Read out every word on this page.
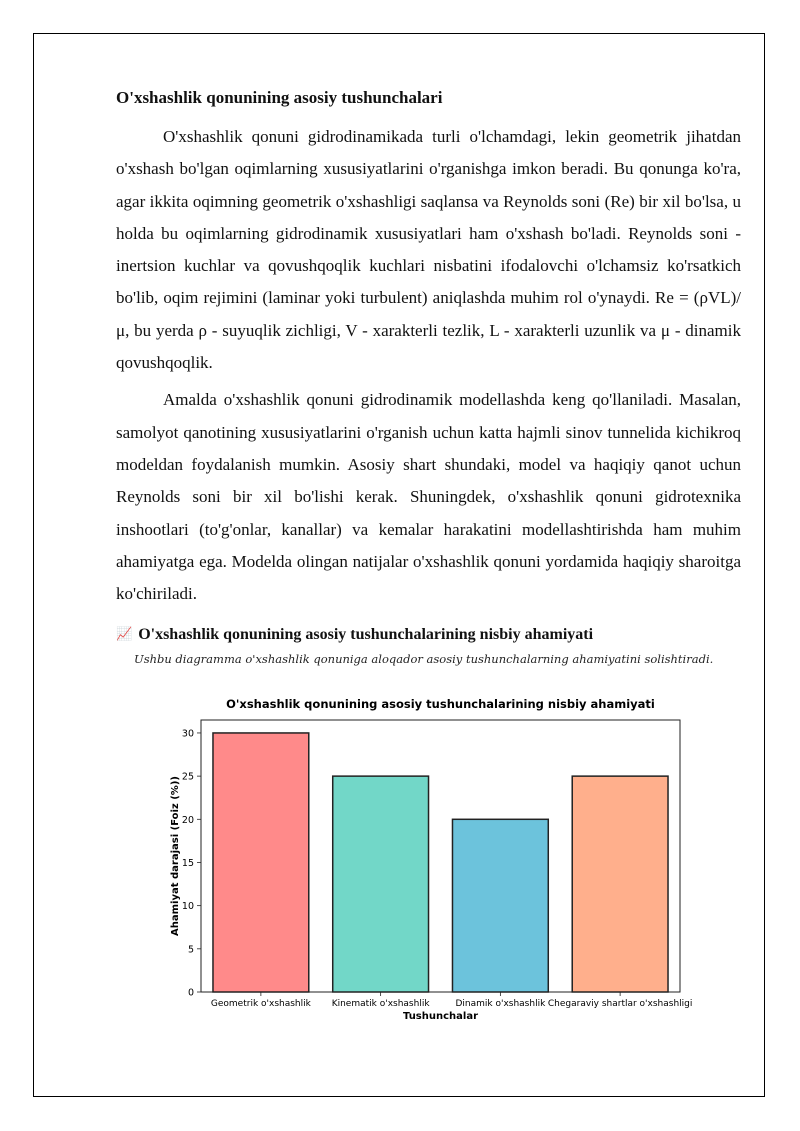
O'xshashlik qonunining asosiy tushunchalari

O'xshashlik qonuni gidrodinamikada turli o'lchamdagi, lekin geometrik jihatdan o'xshash bo'lgan oqimlarning xususiyatlarini o'rganishga imkon beradi. Bu qonunga ko'ra, agar ikkita oqimning geometrik o'xshashligi saqlansa va Reynolds soni (Re) bir xil bo'lsa, u holda bu oqimlarning gidrodinamik xususiyatlari ham o'xshash bo'ladi. Reynolds soni - inertsion kuchlar va qovushqoqlik kuchlari nisbatini ifodalovchi o'lchamsiz ko'rsatkich bo'lib, oqim rejimini (laminar yoki turbulent) aniqlashda muhim rol o'ynaydi. Re = (ρVL)/μ, bu yerda ρ - suyuqlik zichligi, V - xarakterli tezlik, L - xarakterli uzunlik va μ - dinamik qovushqoqlik.

Amalda o'xshashlik qonuni gidrodinamik modellashda keng qo'llaniladi. Masalan, samolyot qanotining xususiyatlarini o'rganish uchun katta hajmli sinov tunnelida kichikroq modeldan foydalanish mumkin. Asosiy shart shundaki, model va haqiqiy qanot uchun Reynolds soni bir xil bo'lishi kerak. Shuningdek, o'xshashlik qonuni gidrotexnika inshootlari (to'g'onlar, kanallar) va kemalar harakatini modellashtirishda ham muhim ahamiyatga ega. Modelda olingan natijalar o'xshashlik qonuni yordamida haqiqiy sharoitga ko'chiriladi.

📈 O'xshashlik qonunining asosiy tushunchalarining nisbiy ahamiyati
Ushbu diagramma o'xshashlik qonuniga aloqador asosiy tushunchalarning ahamiyatini solishtiradi.
O'xshashlik qonunining asosiy tushunchalarining nisbiy ahamiyati
Geometrik o'xshashlik Kinematik o'xshashlik	Dinamik o'xshashlik Chegaraviy shartlar o'xshashligi
0
5
10
15
20
25
30
Tushunchalar
Ahamiyat darajasi (Foiz (%))
